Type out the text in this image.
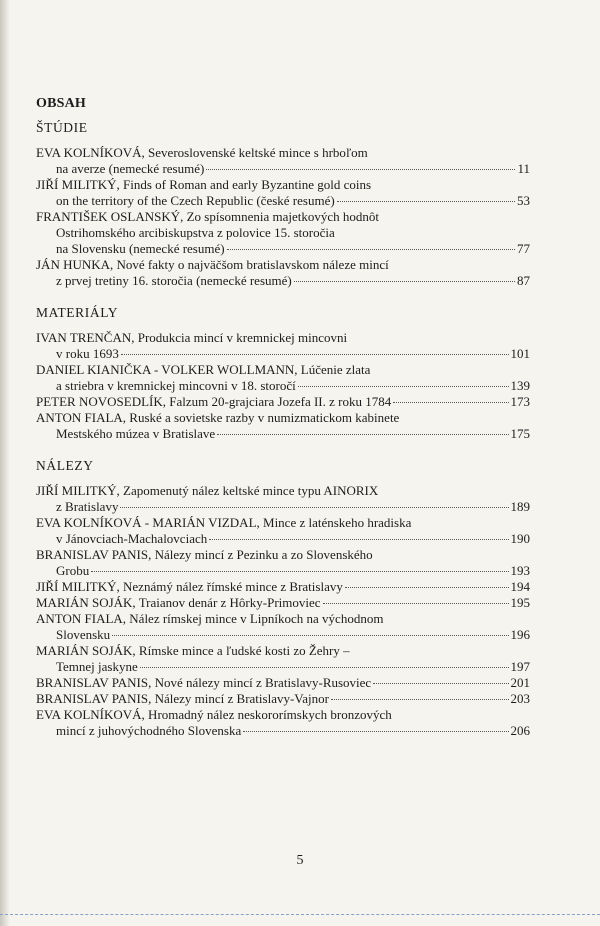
OBSAH
ŠTÚDIE
EVA KOLNÍKOVÁ, Severoslovenské keltské mince s hrboľom
na averze (nemecké resumé)	11
JIŘÍ MILITKÝ, Finds of Roman and early Byzantine gold coins
on the territory of the Czech Republic (české resumé)	53
FRANTIŠEK OSLANSKÝ, Zo spísomnenia majetkových hodnôt
Ostrihomského arcibiskupstva z polovice 15. storočia
na Slovensku (nemecké resumé)	77
JÁN HUNKA, Nové fakty o najväčšom bratislavskom náleze mincí
z prvej tretiny 16. storočia (nemecké resumé)	87
MATERIÁLY
IVAN TRENČAN, Produkcia mincí v kremnickej mincovni
v roku 1693	101
DANIEL KIANIČKA - VOLKER WOLLMANN, Lúčenie zlata
a striebra v kremnickej mincovni v 18. storočí	139
PETER NOVOSEDLÍK, Falzum 20-grajciara Jozefa II. z roku 1784	173
ANTON FIALA, Ruské a sovietske razby v numizmatickom kabinete
Mestského múzea v Bratislave	175
NÁLEZY
JIŘÍ MILITKÝ, Zapomenutý nález keltské mince typu AINORIX
z Bratislavy	189
EVA KOLNÍKOVÁ - MARIÁN VIZDAL, Mince z laténskeho hradiska
v Jánovciach-Machalovciach	190
BRANISLAV PANIS, Nálezy mincí z Pezinku a zo Slovenského
Grobu	193
JIŘÍ MILITKÝ, Neznámý nález římské mince z Bratislavy	194
MARIÁN SOJÁK, Traianov denár z Hôrky-Primoviec	195
ANTON FIALA, Nález rímskej mince v Lipníkoch na východnom
Slovensku	196
MARIÁN SOJÁK, Rímske mince a ľudské kosti zo Žehry –
Temnej jaskyne	197
BRANISLAV PANIS, Nové nálezy mincí z Bratislavy-Rusoviec	201
BRANISLAV PANIS, Nálezy mincí z Bratislavy-Vajnor	203
EVA KOLNÍKOVÁ, Hromadný nález neskororímskych bronzových
mincí z juhovýchodného Slovenska	206
5
